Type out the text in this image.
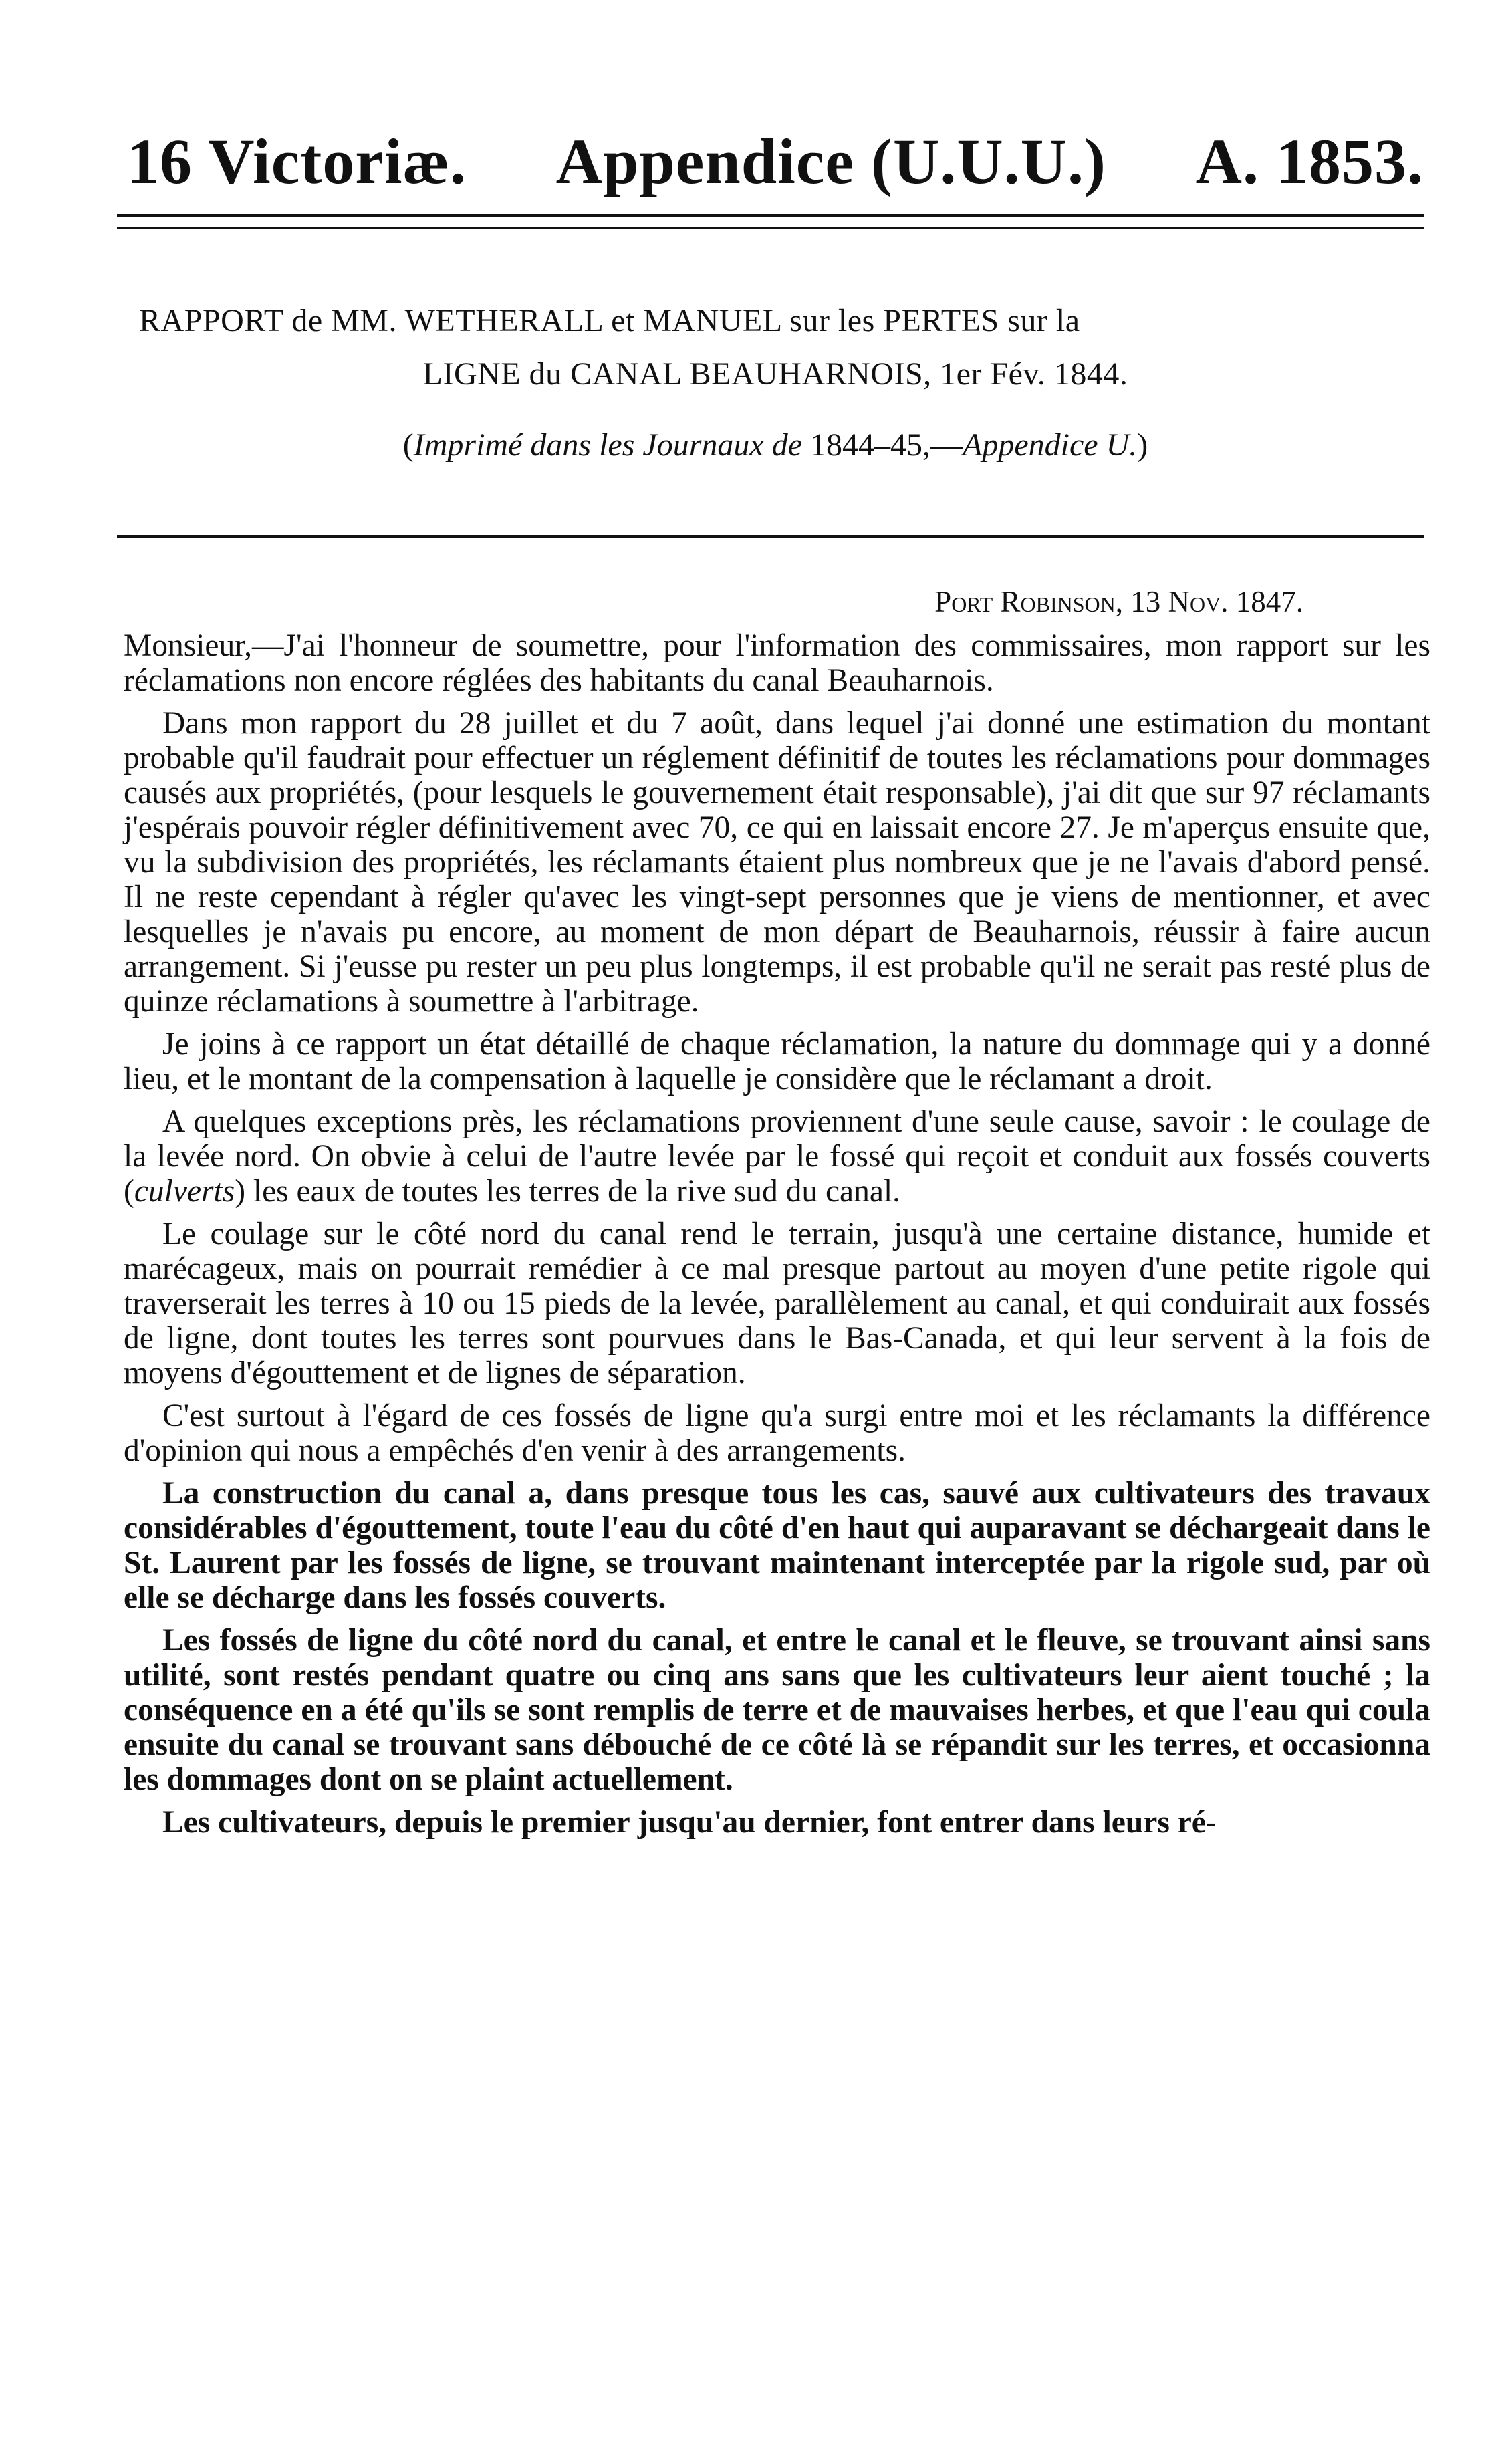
16 Victoriæ. Appendice (U.U.U.) A. 1853.
RAPPORT de MM. WETHERALL et MANUEL sur les PERTES sur la
LIGNE du CANAL BEAUHARNOIS, 1er Fév. 1844.
(Imprimé dans les Journaux de 1844–45,—Appendice U.)
Port Robinson, 13 Nov. 1847.

Monsieur,—J'ai l'honneur de soumettre, pour l'information des commissaires, mon rapport sur les réclamations non encore réglées des habitants du canal Beauharnois.

Dans mon rapport du 28 juillet et du 7 août, dans lequel j'ai donné une estimation du montant probable qu'il faudrait pour effectuer un réglement définitif de toutes les réclamations pour dommages causés aux propriétés, (pour lesquels le gouvernement était responsable), j'ai dit que sur 97 réclamants j'espérais pouvoir régler définitivement avec 70, ce qui en laissait encore 27. Je m'aperçus ensuite que, vu la subdivision des propriétés, les réclamants étaient plus nombreux que je ne l'avais d'abord pensé. Il ne reste cependant à régler qu'avec les vingt-sept personnes que je viens de mentionner, et avec lesquelles je n'avais pu encore, au moment de mon départ de Beauharnois, réussir à faire aucun arrangement. Si j'eusse pu rester un peu plus longtemps, il est probable qu'il ne serait pas resté plus de quinze réclamations à soumettre à l'arbitrage.

Je joins à ce rapport un état détaillé de chaque réclamation, la nature du dommage qui y a donné lieu, et le montant de la compensation à laquelle je considère que le réclamant a droit.

A quelques exceptions près, les réclamations proviennent d'une seule cause, savoir : le coulage de la levée nord. On obvie à celui de l'autre levée par le fossé qui reçoit et conduit aux fossés couverts (culverts) les eaux de toutes les terres de la rive sud du canal.

Le coulage sur le côté nord du canal rend le terrain, jusqu'à une certaine distance, humide et marécageux, mais on pourrait remédier à ce mal presque partout au moyen d'une petite rigole qui traverserait les terres à 10 ou 15 pieds de la levée, parallèlement au canal, et qui conduirait aux fossés de ligne, dont toutes les terres sont pourvues dans le Bas-Canada, et qui leur servent à la fois de moyens d'égouttement et de lignes de séparation.

C'est surtout à l'égard de ces fossés de ligne qu'a surgi entre moi et les réclamants la différence d'opinion qui nous a empêchés d'en venir à des arrangements.

La construction du canal a, dans presque tous les cas, sauvé aux cultivateurs des travaux considérables d'égouttement, toute l'eau du côté d'en haut qui auparavant se déchargeait dans le St. Laurent par les fossés de ligne, se trouvant maintenant interceptée par la rigole sud, par où elle se décharge dans les fossés couverts.

Les fossés de ligne du côté nord du canal, et entre le canal et le fleuve, se trouvant ainsi sans utilité, sont restés pendant quatre ou cinq ans sans que les cultivateurs leur aient touché ; la conséquence en a été qu'ils se sont remplis de terre et de mauvaises herbes, et que l'eau qui coula ensuite du canal se trouvant sans débouché de ce côté là se répandit sur les terres, et occasionna les dommages dont on se plaint actuellement.

Les cultivateurs, depuis le premier jusqu'au dernier, font entrer dans leurs ré-
